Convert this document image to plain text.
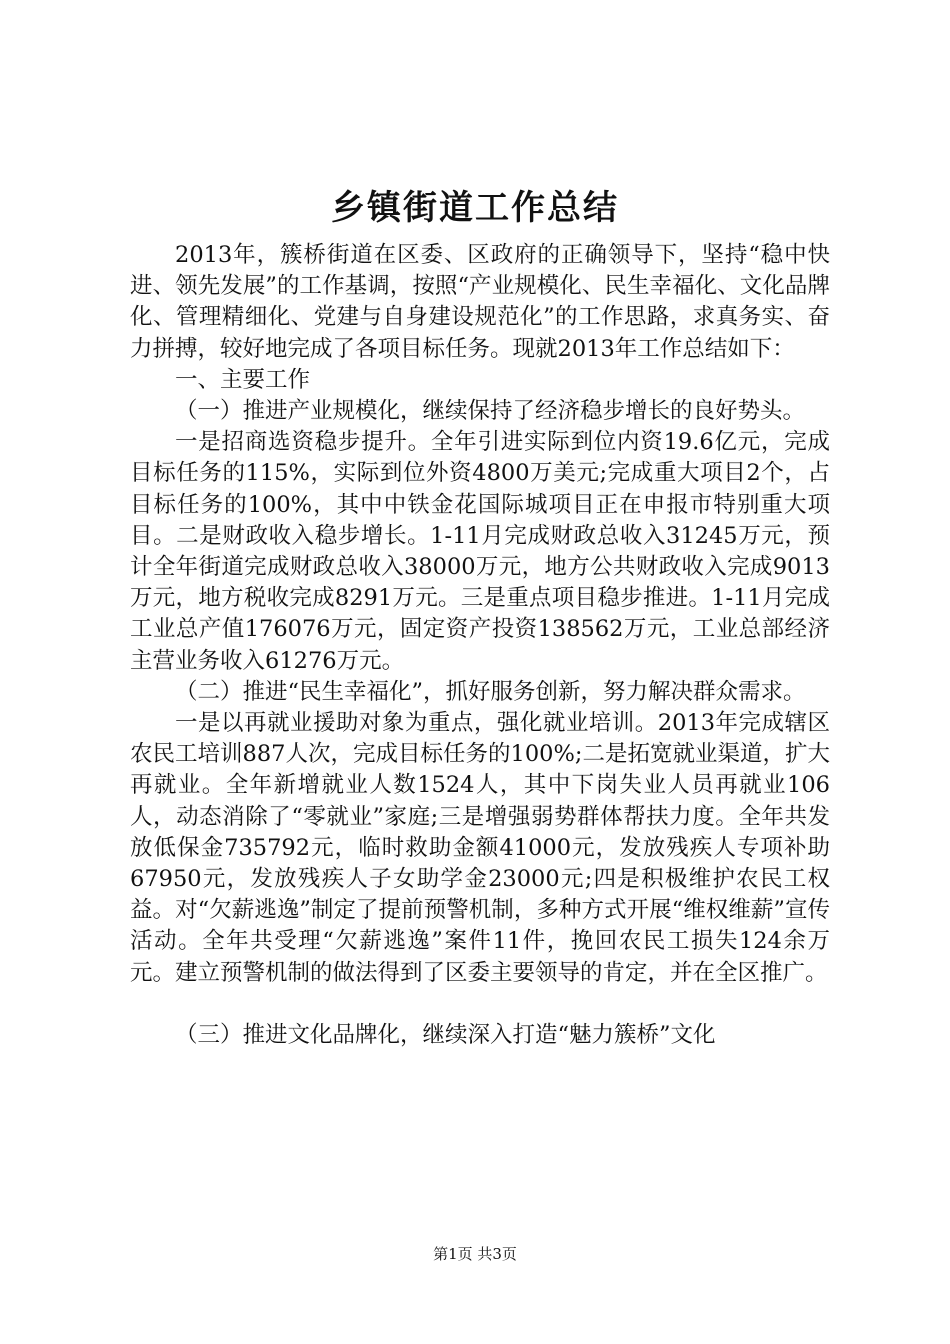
乡镇街道工作总结

2013年，簇桥街道在区委、区政府的正确领导下，坚持“稳中快进、领先发展”的工作基调，按照“产业规模化、民生幸福化、文化品牌化、管理精细化、党建与自身建设规范化”的工作思路，求真务实、奋力拼搏，较好地完成了各项目标任务。现就2013年工作总结如下：

一、主要工作

（一）推进产业规模化，继续保持了经济稳步增长的良好势头。

一是招商选资稳步提升。全年引进实际到位内资19.6亿元，完成目标任务的115%，实际到位外资4800万美元;完成重大项目2个，占目标任务的100%，其中中铁金花国际城项目正在申报市特别重大项目。二是财政收入稳步增长。1-11月完成财政总收入31245万元，预计全年街道完成财政总收入38000万元，地方公共财政收入完成9013万元，地方税收完成8291万元。三是重点项目稳步推进。1-11月完成工业总产值176076万元，固定资产投资138562万元，工业总部经济主营业务收入61276万元。

（二）推进“民生幸福化”，抓好服务创新，努力解决群众需求。

一是以再就业援助对象为重点，强化就业培训。2013年完成辖区农民工培训887人次，完成目标任务的100%;二是拓宽就业渠道，扩大再就业。全年新增就业人数1524人，其中下岗失业人员再就业106人，动态消除了“零就业”家庭;三是增强弱势群体帮扶力度。全年共发放低保金735792元，临时救助金额41000元，发放残疾人专项补助67950元，发放残疾人子女助学金23000元;四是积极维护农民工权益。对“欠薪逃逸”制定了提前预警机制，多种方式开展“维权维薪”宣传活动。全年共受理“欠薪逃逸”案件11件，挽回农民工损失124余万元。建立预警机制的做法得到了区委主要领导的肯定，并在全区推广。

（三）推进文化品牌化，继续深入打造“魅力簇桥”文化

第1页 共3页
